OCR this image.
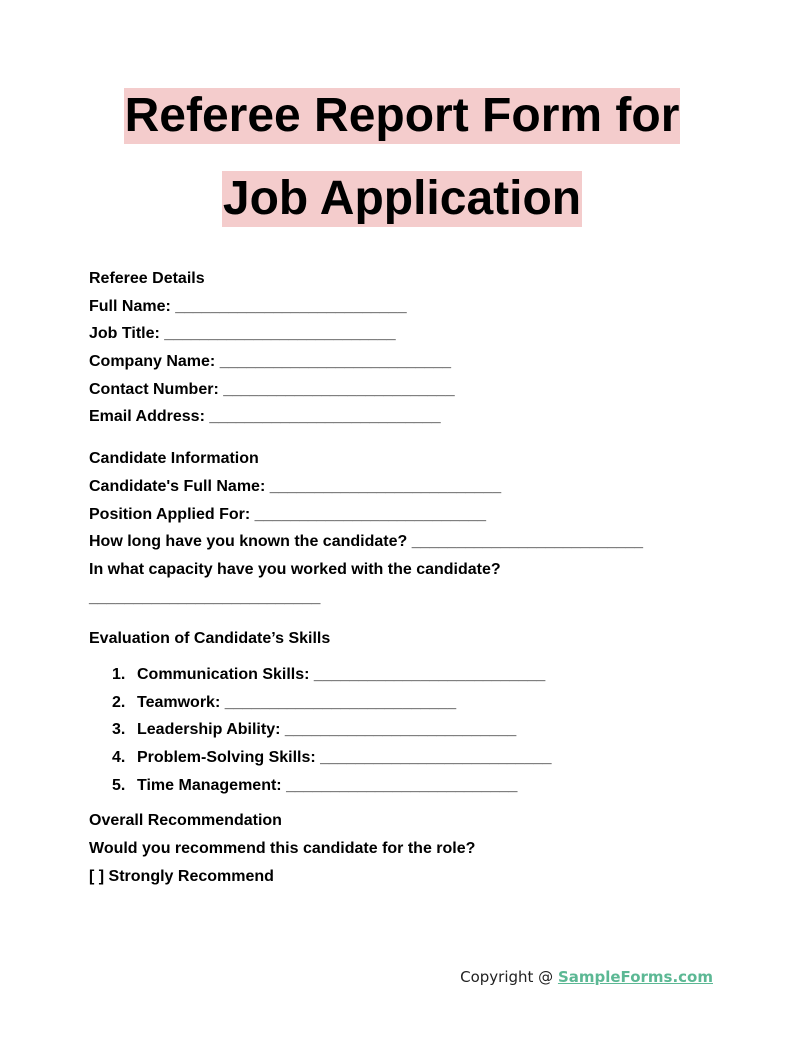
Referee Report Form for
Job Application
Referee Details
Full Name: __________________________
Job Title: __________________________
Company Name: __________________________
Contact Number: __________________________
Email Address: __________________________
Candidate Information
Candidate's Full Name: __________________________
Position Applied For: __________________________
How long have you known the candidate? __________________________
In what capacity have you worked with the candidate?
__________________________
Evaluation of Candidate’s Skills
1. Communication Skills: __________________________
2. Teamwork: __________________________
3. Leadership Ability: __________________________
4. Problem-Solving Skills: __________________________
5. Time Management: __________________________
Overall Recommendation
Would you recommend this candidate for the role?
[ ] Strongly Recommend
Copyright @ SampleForms.com
